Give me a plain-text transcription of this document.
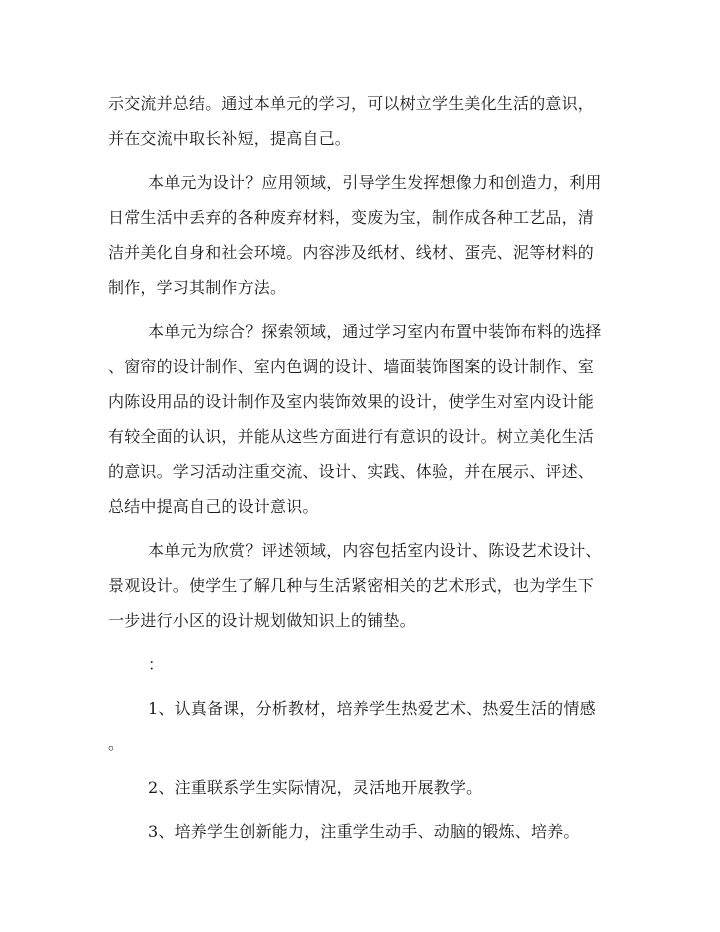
示交流并总结。通过本单元的学习，可以树立学生美化生活的意识，
并在交流中取长补短，提高自己。
本单元为设计？应用领域，引导学生发挥想像力和创造力，利用
日常生活中丢弃的各种废弃材料，变废为宝，制作成各种工艺品，清
洁并美化自身和社会环境。内容涉及纸材、线材、蛋壳、泥等材料的
制作，学习其制作方法。
本单元为综合？探索领域，通过学习室内布置中装饰布料的选择
、窗帘的设计制作、室内色调的设计、墙面装饰图案的设计制作、室
内陈设用品的设计制作及室内装饰效果的设计，使学生对室内设计能
有较全面的认识，并能从这些方面进行有意识的设计。树立美化生活
的意识。学习活动注重交流、设计、实践、体验，并在展示、评述、
总结中提高自己的设计意识。
本单元为欣赏？评述领域，内容包括室内设计、陈设艺术设计、
景观设计。使学生了解几种与生活紧密相关的艺术形式，也为学生下
一步进行小区的设计规划做知识上的铺垫。
：
1、认真备课，分析教材，培养学生热爱艺术、热爱生活的情感
。
2、注重联系学生实际情况，灵活地开展教学。
3、培养学生创新能力，注重学生动手、动脑的锻炼、培养。
